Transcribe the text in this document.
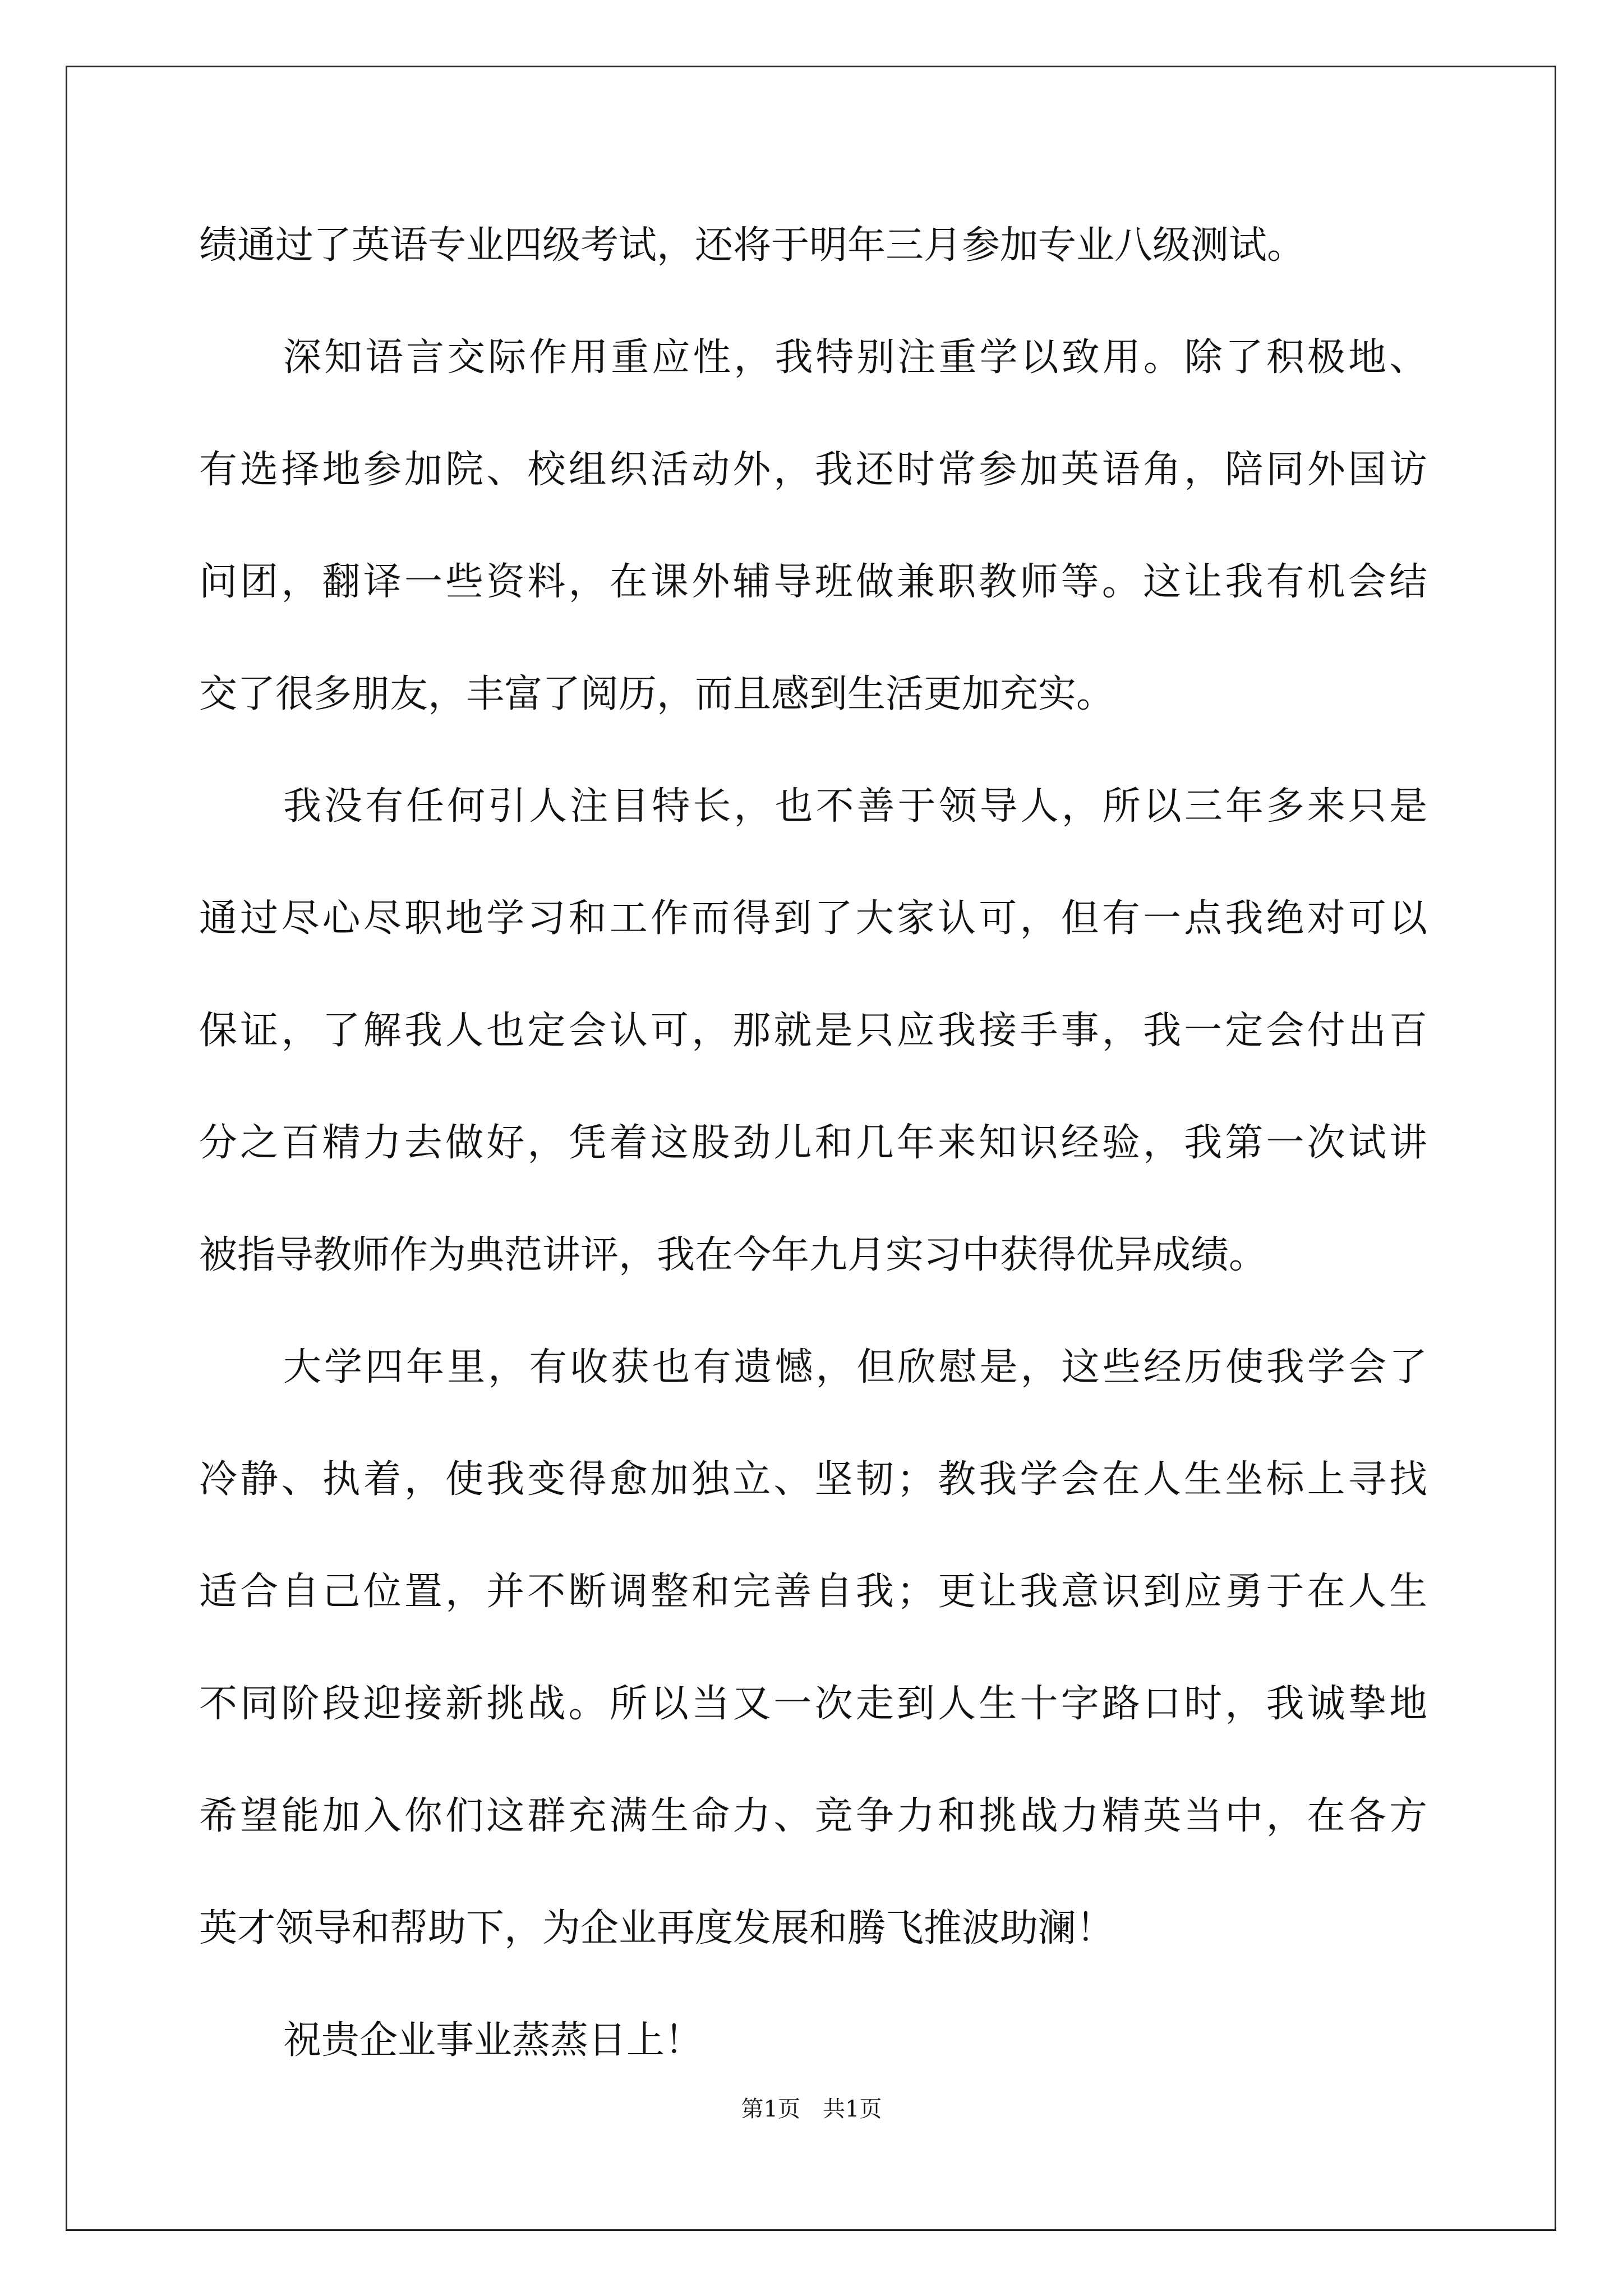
绩通过了英语专业四级考试，还将于明年三月参加专业八级测试。
深知语言交际作用重应性，我特别注重学以致用。除了积极地、
有选择地参加院、校组织活动外，我还时常参加英语角，陪同外国访
问团，翻译一些资料，在课外辅导班做兼职教师等。这让我有机会结
交了很多朋友，丰富了阅历，而且感到生活更加充实。
我没有任何引人注目特长，也不善于领导人，所以三年多来只是
通过尽心尽职地学习和工作而得到了大家认可，但有一点我绝对可以
保证，了解我人也定会认可，那就是只应我接手事，我一定会付出百
分之百精力去做好，凭着这股劲儿和几年来知识经验，我第一次试讲
被指导教师作为典范讲评，我在今年九月实习中获得优异成绩。
大学四年里，有收获也有遗憾，但欣慰是，这些经历使我学会了
冷静、执着，使我变得愈加独立、坚韧；教我学会在人生坐标上寻找
适合自己位置，并不断调整和完善自我；更让我意识到应勇于在人生
不同阶段迎接新挑战。所以当又一次走到人生十字路口时，我诚挚地
希望能加入你们这群充满生命力、竞争力和挑战力精英当中，在各方
英才领导和帮助下，为企业再度发展和腾飞推波助澜！
祝贵企业事业蒸蒸日上！
第1页　共1页
